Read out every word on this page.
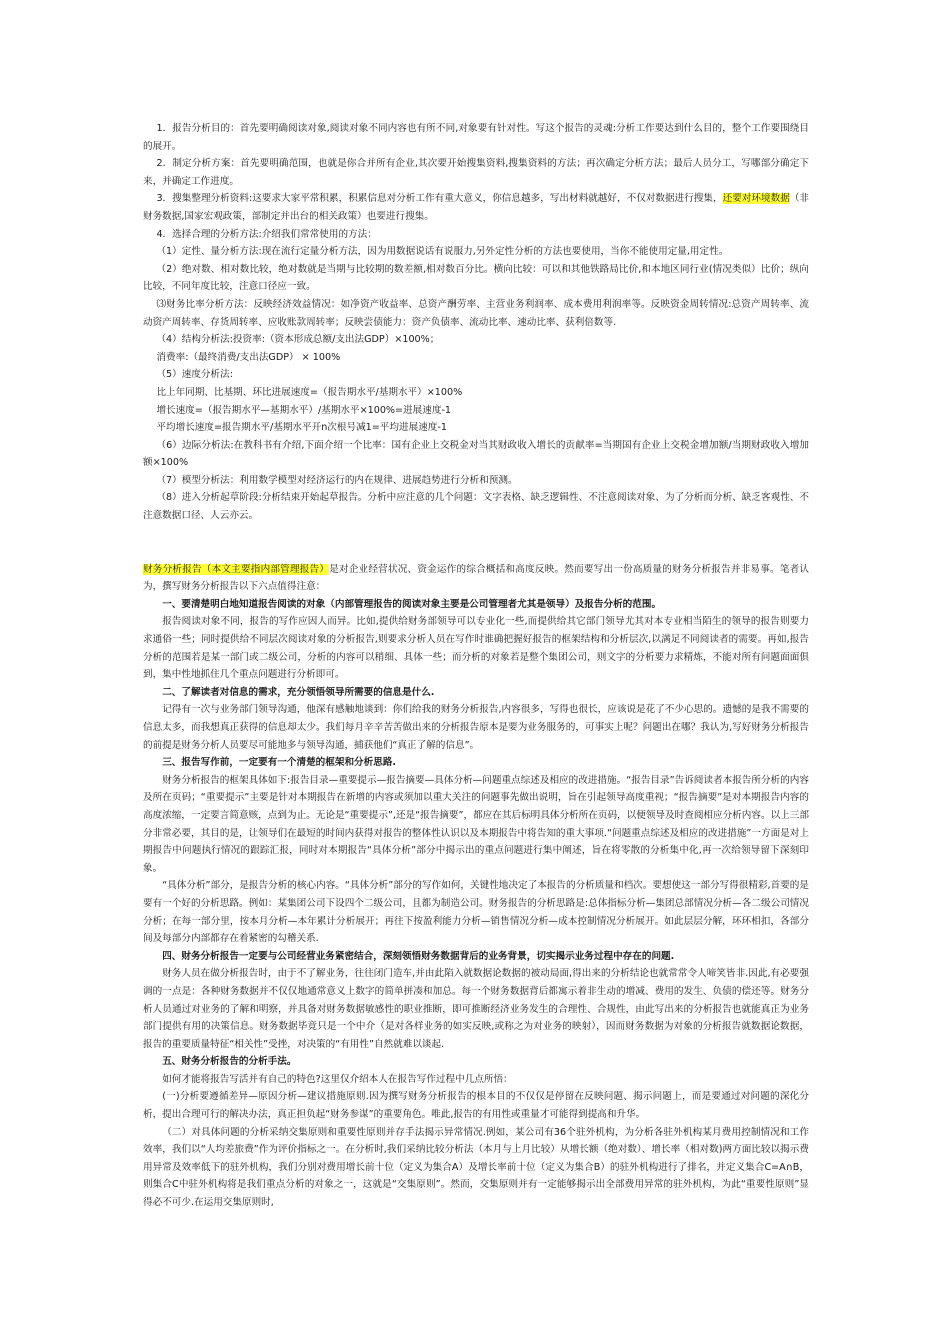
1．报告分析目的：首先要明确阅读对象,阅读对象不同内容也有所不同,对象要有针对性。写这个报告的灵魂:分析工作要达到什么目的，整个工作要围绕目的展开。

2．制定分析方案：首先要明确范围，也就是你合并所有企业,其次要开始搜集资料,搜集资料的方法；再次确定分析方法；最后人员分工，写哪部分确定下来，并确定工作进度。

3．搜集整理分析资料:这要求大家平常积累，积累信息对分析工作有重大意义，你信息越多，写出材料就越好，不仅对数据进行搜集，还要对环境数据（非财务数据,国家宏观政策，部制定并出台的相关政策）也要进行搜集。

4．选择合理的分析方法:介绍我们常常使用的方法：

（1）定性、量分析方法:现在流行定量分析方法，因为用数据说话有说服力,另外定性分析的方法也要使用，当你不能使用定量,用定性。

（2）绝对数、相对数比较，绝对数就是当期与比较期的数差额,相对数百分比。横向比较：可以和其他铁路局比价,和本地区同行业(情况类似）比价；纵向比较，不同年度比较，注意口径应一致。

⑶财务比率分析方法：反映经济效益情况：如净资产收益率、总资产酬劳率、主营业务利润率、成本费用利润率等。反映资金周转情况:总资产周转率、流动资产周转率、存货周转率、应收账款周转率；反映尝债能力：资产负债率、流动比率、速动比率、获利倍数等.

（4）结构分析法:投资率:（资本形成总额/支出法GDP）×100%；

消费率:（最终消费/支出法GDP） × 100%

（5）速度分析法:

比上年同期、比基期、环比进展速度=（报告期水平/基期水平）×100%

增长速度=（报告期水平—基期水平）/基期水平×100%=进展速度-1

平均增长速度=报告期水平/基期水平开n次根号减1=平均进展速度-1

（6）边际分析法:在教科书有介绍,下面介绍一个比率：国有企业上交税金对当其财政收入增长的贡献率=当期国有企业上交税金增加额/当期财政收入增加额×100%

（7）模型分析法：利用数学模型对经济运行的内在规律、进展趋势进行分析和预测。

（8）进入分析起草阶段:分析结束开始起草报告。分析中应注意的几个问题：文字表格、缺乏逻辑性、不注意阅读对象、为了分析而分析、缺乏客观性、不注意数据口径、人云亦云。

财务分析报告（本文主要指内部管理报告）是对企业经营状况、资金运作的综合概括和高度反映。然而要写出一份高质量的财务分析报告并非易事。笔者认为，撰写财务分析报告以下六点值得注意：

一、要清楚明白地知道报告阅读的对象（内部管理报告的阅读对象主要是公司管理者尤其是领导）及报告分析的范围。

报告阅读对象不同，报告的写作应因人而异。比如,提供给财务部领导可以专业化一些,而提供给其它部门领导尤其对本专业相当陌生的领导的报告则要力求通俗一些；同时提供给不同层次阅读对象的分析报告,则要求分析人员在写作时谁确把握好报告的框架结构和分析层次,以满足不同阅读者的需要。再如,报告分析的范围若是某一部门或二级公司，分析的内容可以稍细、具体一些；而分析的对象若是整个集团公司，则文字的分析要力求精炼，不能对所有问题面面俱到，集中性地抓住几个重点问题进行分析即可。

二、了解读者对信息的需求，充分领悟领导所需要的信息是什么.

记得有一次与业务部门领导沟通，他深有感触地谈到：你们给我的财务分析报告,内容很多，写得也很长，应该说是花了不少心思的。遗憾的是我不需要的信息太多，而我想真正获得的信息却太少。我们每月辛辛苦苦做出来的分析报告原本是要为业务服务的，可事实上呢？问题出在哪？我认为,写好财务分析报告的前提是财务分析人员要尽可能地多与领导沟通，捕获他们“真正了解的信息”。

三、报告写作前，一定要有一个清楚的框架和分析思路.

财务分析报告的框架具体如下:报告目录—重要提示—报告摘要—具体分析—问题重点综述及相应的改进措施。“报告目录”告诉阅读者本报告所分析的内容及所在页码；“重要提示”主要是针对本期报告在新增的内容或须加以重大关注的问题事先做出说明，旨在引起领导高度重视；“报告摘要”是对本期报告内容的高度浓缩，一定要言简意赅，点到为止。无论是“重要提示”,还是“报告摘要”，都应在其后标明具体分析所在页码，以便领导及时查阅相应分析内容。以上三部分非常必要，其目的是，让领导们在最短的时间内获得对报告的整体性认识以及本期报告中将告知的重大事项.“问题重点综述及相应的改进措施”一方面是对上期报告中问题执行情况的跟踪汇报，同时对本期报告“具体分析”部分中揭示出的重点问题进行集中阐述，旨在将零散的分析集中化,再一次给领导留下深刻印象。

“具体分析”部分，是报告分析的核心内容。“具体分析”部分的写作如何，关键性地决定了本报告的分析质量和档次。要想使这一部分写得很精彩,首要的是要有一个好的分析思路。例如：某集团公司下设四个二级公司，且都为制造公司。财务报告的分析思路是:总体指标分析—集团总部情况分析—各二级公司情况分析；在每一部分里，按本月分析—本年累计分析展开；再往下按盈利能力分析—销售情况分析—成本控制情况分析展开。如此层层分解，环环相扣，各部分间及每部分内部都存在着紧密的勾稽关系.

四、财务分析报告一定要与公司经营业务紧密结合，深刻领悟财务数据背后的业务背景，切实揭示业务过程中存在的问题.

财务人员在做分析报告时，由于不了解业务，往往闭门造车,并由此陷入就数据论数据的被动局面,得出来的分析结论也就常常令人啼笑皆非.因此,有必要强调的一点是：各种财务数据并不仅仅地通常意义上数字的简单拼凑和加总。每一个财务数据背后都寓示着非生动的增减、费用的发生、负债的偿还等。财务分析人员通过对业务的了解和明察，并具备对财务数据敏感性的职业推断，即可推断经济业务发生的合理性、合规性，由此写出来的分析报告也就能真正为业务部门提供有用的决策信息。财务数据毕竟只是一个中介（是对各样业务的如实反映,或称之为对业务的映射），因而财务数据为对象的分析报告就数据论数据，报告的重要质量特征“相关性”受挫，对决策的“有用性”自然就难以谈起.

五、财务分析报告的分析手法。

如何才能将报告写活并有自己的特色?这里仅介绍本人在报告写作过程中几点所悟：

(一)分析要遵循差异—原因分析—建议措施原则.因为撰写财务分析报告的根本目的不仅仅是停留在反映问题、揭示问题上，而是要通过对问题的深化分析，提出合理可行的解决办法，真正担负起“财务参谋”的重要角色。唯此,报告的有用性或重量才可能得到提高和升华。

（二）对具体问题的分析采纳交集原则和重要性原则并存手法揭示异常情况.例如，某公司有36个驻外机构，为分析各驻外机构某月费用控制情况和工作效率，我们以“人均差旅费”作为评价指标之一。在分析时,我们采纳比较分析法（本月与上月比较）从增长额（绝对数）、增长率（相对数)两方面比较以揭示费用异常及效率低下的驻外机构，我们分别对费用增长前十位（定义为集合A）及增长率前十位（定义为集合B）的驻外机构进行了排名，并定义集合C=A∩B，则集合C中驻外机构将是我们重点分析的对象之一，这就是“交集原则”。然而，交集原则并有一定能够揭示出全部费用异常的驻外机构，为此“重要性原则”显得必不可少.在运用交集原则时,
